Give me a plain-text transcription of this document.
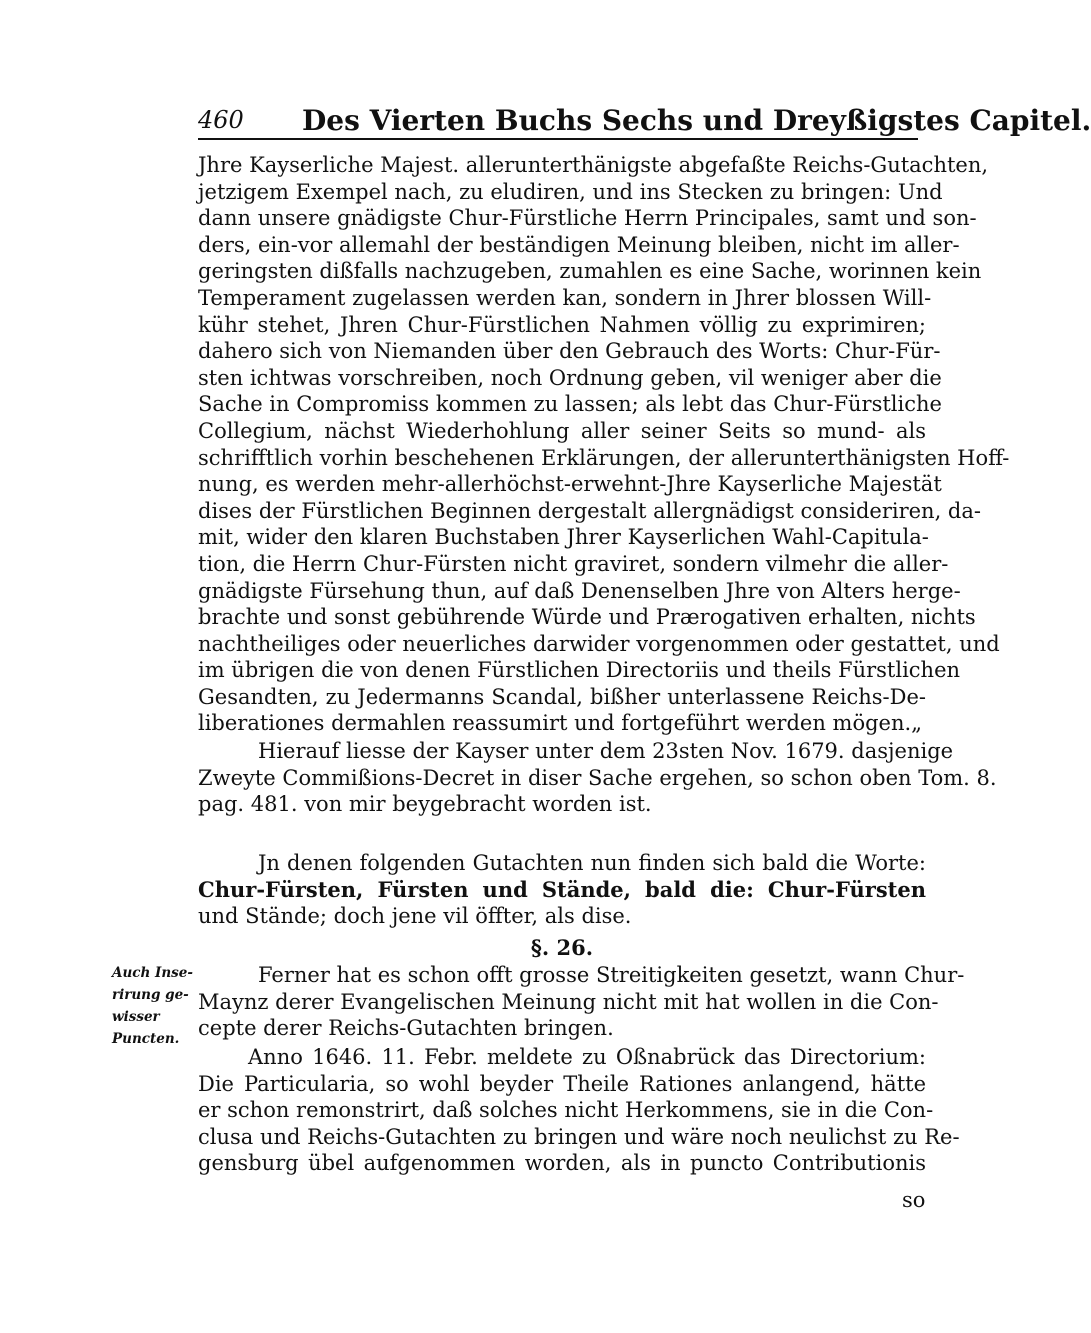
460 Des Vierten Buchs Sechs und Dreyßigstes Capitel.
Jhre Kayserliche Majest. allerunterthänigste abgefaßte Reichs-Gutachten,
jetzigem Exempel nach, zu eludiren, und ins Stecken zu bringen: Und
dann unsere gnädigste Chur-Fürstliche Herrn Principales, samt und son-
ders, ein-vor allemahl der beständigen Meinung bleiben, nicht im aller-
geringsten dißfalls nachzugeben, zumahlen es eine Sache, worinnen kein
Temperament zugelassen werden kan, sondern in Jhrer blossen Will-
kühr stehet, Jhren Chur-Fürstlichen Nahmen völlig zu exprimiren;
dahero sich von Niemanden über den Gebrauch des Worts: Chur-Für-
sten ichtwas vorschreiben, noch Ordnung geben, vil weniger aber die
Sache in Compromiss kommen zu lassen; als lebt das Chur-Fürstliche
Collegium, nächst Wiederhohlung aller seiner Seits so mund- als
schrifftlich vorhin beschehenen Erklärungen, der allerunterthänigsten Hoff-
nung, es werden mehr-allerhöchst-erwehnt-Jhre Kayserliche Majestät
dises der Fürstlichen Beginnen dergestalt allergnädigst consideriren, da-
mit, wider den klaren Buchstaben Jhrer Kayserlichen Wahl-Capitula-
tion, die Herrn Chur-Fürsten nicht graviret, sondern vilmehr die aller-
gnädigste Fürsehung thun, auf daß Denenselben Jhre von Alters herge-
brachte und sonst gebührende Würde und Prærogativen erhalten, nichts
nachtheiliges oder neuerliches darwider vorgenommen oder gestattet, und
im übrigen die von denen Fürstlichen Directoriis und theils Fürstlichen
Gesandten, zu Jedermanns Scandal, bißher unterlassene Reichs-De-
liberationes dermahlen reassumirt und fortgeführt werden mögen.„
Hierauf liesse der Kayser unter dem 23sten Nov. 1679. dasjenige
Zweyte Commißions-Decret in diser Sache ergehen, so schon oben Tom. 8.
pag. 481. von mir beygebracht worden ist.
Jn denen folgenden Gutachten nun finden sich bald die Worte:
Chur-Fürsten, Fürsten und Stände, bald die: Chur-Fürsten
und Stände; doch jene vil öffter, als dise.
§. 26.
Auch Inse-
rirung ge-
wisser
Puncten.
Ferner hat es schon offt grosse Streitigkeiten gesetzt, wann Chur-
Maynz derer Evangelischen Meinung nicht mit hat wollen in die Con-
cepte derer Reichs-Gutachten bringen.
Anno 1646. 11. Febr. meldete zu Oßnabrück das Directorium:
Die Particularia, so wohl beyder Theile Rationes anlangend, hätte
er schon remonstrirt, daß solches nicht Herkommens, sie in die Con-
clusa und Reichs-Gutachten zu bringen und wäre noch neulichst zu Re-
gensburg übel aufgenommen worden, als in puncto Contributionis
so
